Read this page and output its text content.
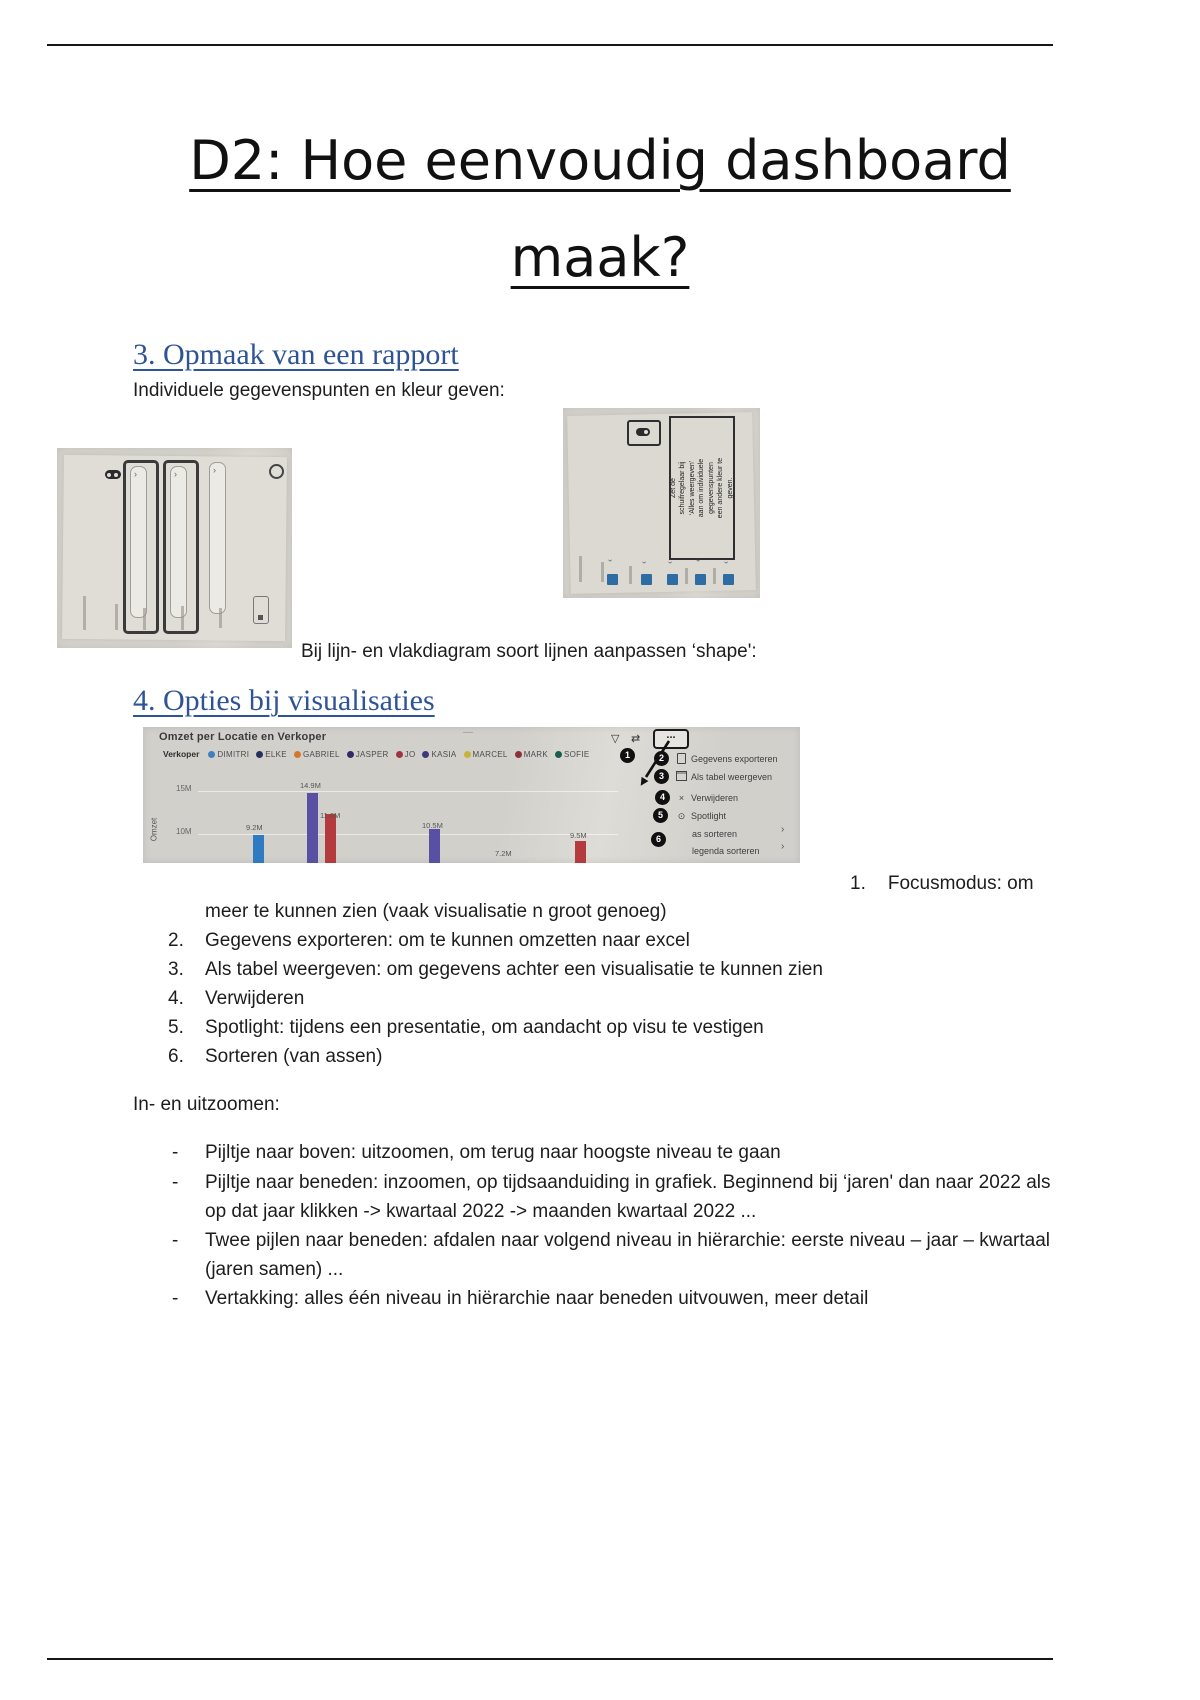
D2: Hoe eenvoudig dashboard
maak?
3. Opmaak van een rapport
Individuele gegevenspunten en kleur geven:
›	›	›
Zet de schuifregelaar bij ‘Alles weergeven' aan om individuele gegevenspunten een andere kleur te geven.
›
› ›
›
›
Bij lijn- en vlakdiagram soort lijnen aanpassen ‘shape':
4. Opties bij visualisaties
Omzet per Locatie en Verkoper	—
▽ ⇄	...
Verkoper DIMITRI ELKE GABRIEL JASPER JO KASIA MARCEL MARK SOFIE
15M
10M
Omzet	9.2M
14.9M
11.6M
10.5M
7.2M
9.5M
1	2
3
4
5
6
Gegevens exporteren
Als tabel weergeven
× Verwijderen
⊙ Spotlight
as sorteren
legenda sorteren
›
›
1. Focusmodus: om
meer te kunnen zien (vaak visualisatie n groot genoeg)
2. Gegevens exporteren: om te kunnen omzetten naar excel
3. Als tabel weergeven: om gegevens achter een visualisatie te kunnen zien
4. Verwijderen
5. Spotlight: tijdens een presentatie, om aandacht op visu te vestigen
6. Sorteren (van assen)
In- en uitzoomen:
- Pijltje naar boven: uitzoomen, om terug naar hoogste niveau te gaan
- Pijltje naar beneden: inzoomen, op tijdsaanduiding in grafiek. Beginnend bij ‘jaren' dan naar 2022 als op dat jaar klikken -> kwartaal 2022 -> maanden kwartaal 2022 ...
- Twee pijlen naar beneden: afdalen naar volgend niveau in hiërarchie: eerste niveau – jaar – kwartaal (jaren samen) ...
- Vertakking: alles één niveau in hiërarchie naar beneden uitvouwen, meer detail
